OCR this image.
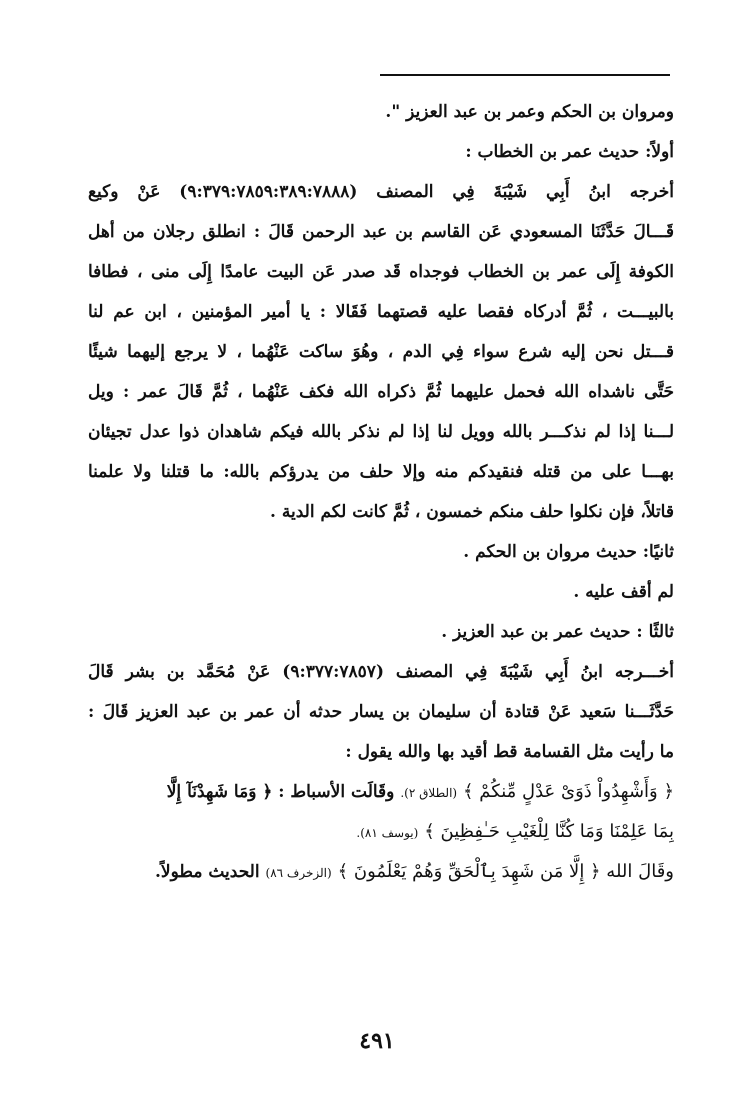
ومروان بن الحكم وعمر بن عبد العزيز ".
أولاً: حديث عمر بن الخطاب :
أخرجه ابنُ أَبِي شَيْبَةَ فِي المصنف (٩:٣٧٩:٧٨٥٩:٣٨٩:٧٨٨٨) عَنْ وكيع
قَـــالَ حَدَّثَنَا المسعودي عَن القاسم بن عبد الرحمن قَالَ : انطلق رجلان من أهل
الكوفة إِلَى عمر بن الخطاب فوجداه قَد صدر عَن البيت عامدًا إِلَى منى ، فطافا
بالبيـــت ، ثُمَّ أدركاه فقصا عليه قصتهما فَقَالا : يا أمير المؤمنين ، ابن عم لنا
قـــتل نحن إليه شرع سواء فِي الدم ، وهُوَ ساكت عَنْهُما ، لا يرجع إليهما شيئًا
حَتَّى ناشداه الله فحمل عليهما ثُمَّ ذكراه الله فكف عَنْهُما ، ثُمَّ قَالَ عمر : ويل
لـــنا إذا لم نذكـــر بالله وويل لنا إذا لم نذكر بالله فيكم شاهدان ذوا عدل تجيئان
بهـــا على من قتله فنقيدكم منه وإلا حلف من يدرؤكم بالله: ما قتلنا ولا علمنا
قاتلاً، فإن نكلوا حلف منكم خمسون ، ثُمَّ كانت لكم الدية .
ثانيًا: حديث مروان بن الحكم .
لم أقف عليه .
ثالثًا : حديث عمر بن عبد العزيز .
أخـــرجه ابنُ أَبِي شَيْبَةَ فِي المصنف (٩:٣٧٧:٧٨٥٧) عَنْ مُحَمَّد بن بشر قَالَ
حَدَّثَـــنا سَعيد عَنْ قتادة أن سليمان بن يسار حدثه أن عمر بن عبد العزيز قَالَ :
ما رأيت مثل القسامة قط أقيد بها والله يقول :
﴿ وَأَشْهِدُواْ ذَوَىْ عَدْلٍ مِّنكُمْ ﴾ (الطلاق ٢). وقَالَت الأسباط : ﴿ وَمَا شَهِدْنَآ إِلَّا
بِمَا عَلِمْنَا وَمَا كُنَّا لِلْغَيْبِ حَـٰفِظِينَ ﴾ (يوسف ٨١).
وقَالَ الله ﴿ إِلَّا مَن شَهِدَ بِٱلْحَقِّ وَهُمْ يَعْلَمُونَ ﴾ (الزخرف ٨٦) الحديث مطولاً.
٤٩١
